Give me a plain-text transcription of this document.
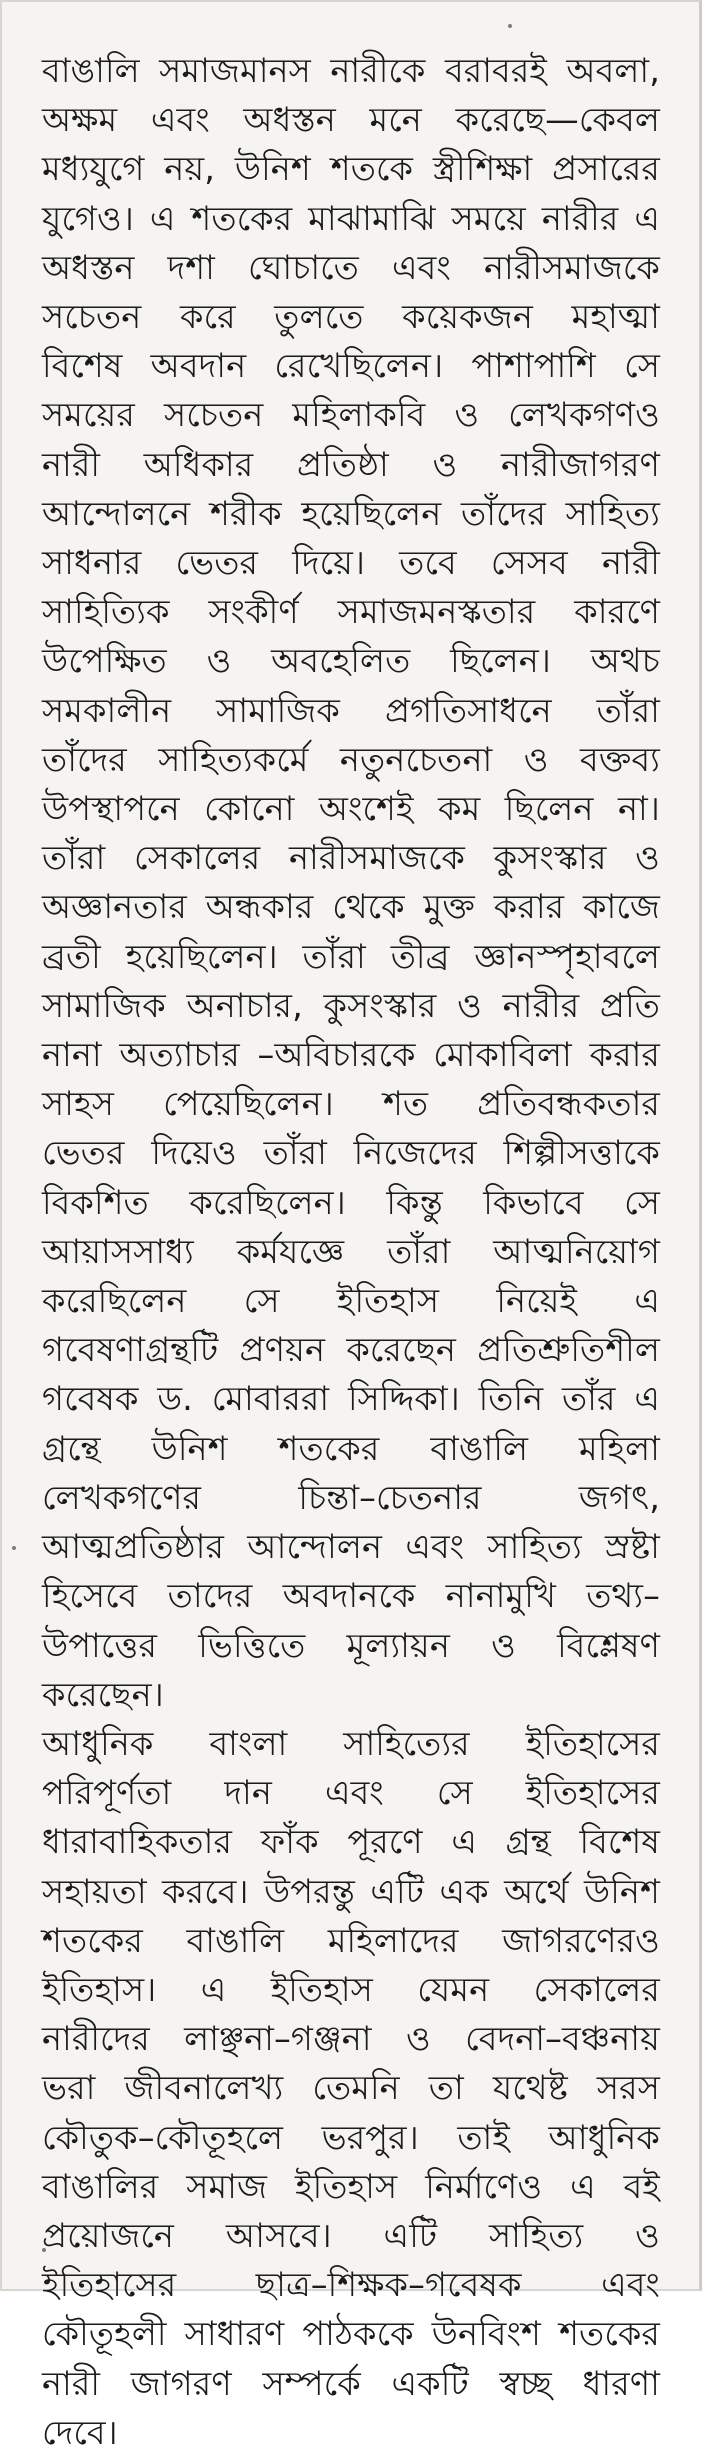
বাঙালি সমাজমানস নারীকে বরাবরই অবলা,
অক্ষম এবং অধস্তন মনে করেছে—কেবল
মধ্যযুগে নয়, উনিশ শতকে স্ত্রীশিক্ষা প্রসারের
যুগেও। এ শতকের মাঝামাঝি সময়ে নারীর এ
অধস্তন দশা ঘোচাতে এবং নারীসমাজকে
সচেতন করে তুলতে কয়েকজন মহাত্মা
বিশেষ অবদান রেখেছিলেন। পাশাপাশি সে
সময়ের সচেতন মহিলাকবি ও লেখকগণও
নারী অধিকার প্রতিষ্ঠা ও নারীজাগরণ
আন্দোলনে শরীক হয়েছিলেন তাঁদের সাহিত্য
সাধনার ভেতর দিয়ে। তবে সেসব নারী
সাহিত্যিক সংকীর্ণ সমাজমনস্কতার কারণে
উপেক্ষিত ও অবহেলিত ছিলেন। অথচ
সমকালীন সামাজিক প্রগতিসাধনে তাঁরা
তাঁদের সাহিত্যকর্মে নতুনচেতনা ও বক্তব্য
উপস্থাপনে কোনো অংশেই কম ছিলেন না।
তাঁরা সেকালের নারীসমাজকে কুসংস্কার ও
অজ্ঞানতার অন্ধকার থেকে মুক্ত করার কাজে
ব্রতী হয়েছিলেন। তাঁরা তীব্র জ্ঞানস্পৃহাবলে
সামাজিক অনাচার, কুসংস্কার ও নারীর প্রতি
নানা অত্যাচার –অবিচারকে মোকাবিলা করার
সাহস পেয়েছিলেন। শত প্রতিবন্ধকতার
ভেতর দিয়েও তাঁরা নিজেদের শিল্পীসত্তাকে
বিকশিত করেছিলেন। কিন্তু কিভাবে সে
আয়াসসাধ্য কর্মযজ্ঞে তাঁরা আত্মনিয়োগ
করেছিলেন সে ইতিহাস নিয়েই এ
গবেষণাগ্রন্থটি প্রণয়ন করেছেন প্রতিশ্রুতিশীল
গবেষক ড. মোবাররা সিদ্দিকা। তিনি তাঁর এ
গ্রন্থে উনিশ শতকের বাঙালি মহিলা
লেখকগণের চিন্তা–চেতনার জগৎ,
আত্মপ্রতিষ্ঠার আন্দোলন এবং সাহিত্য স্রষ্টা
হিসেবে তাদের অবদানকে নানামুখি তথ্য–
উপাত্তের ভিত্তিতে মূল্যায়ন ও বিশ্লেষণ
করেছেন।

আধুনিক বাংলা সাহিত্যের ইতিহাসের
পরিপূর্ণতা দান এবং সে ইতিহাসের
ধারাবাহিকতার ফাঁক পূরণে এ গ্রন্থ বিশেষ
সহায়তা করবে। উপরন্তু এটি এক অর্থে উনিশ
শতকের বাঙালি মহিলাদের জাগরণেরও
ইতিহাস। এ ইতিহাস যেমন সেকালের
নারীদের লাঞ্ছনা–গঞ্জনা ও বেদনা–বঞ্চনায়
ভরা জীবনালেখ্য তেমনি তা যথেষ্ট সরস
কৌতুক–কৌতূহলে ভরপুর। তাই আধুনিক
বাঙালির সমাজ ইতিহাস নির্মাণেও এ বই
প্রয়োজনে আসবে। এটি সাহিত্য ও
ইতিহাসের ছাত্র–শিক্ষক–গবেষক এবং
কৌতূহলী সাধারণ পাঠককে উনবিংশ শতকের
নারী জাগরণ সম্পর্কে একটি স্বচ্ছ ধারণা
দেবে।
